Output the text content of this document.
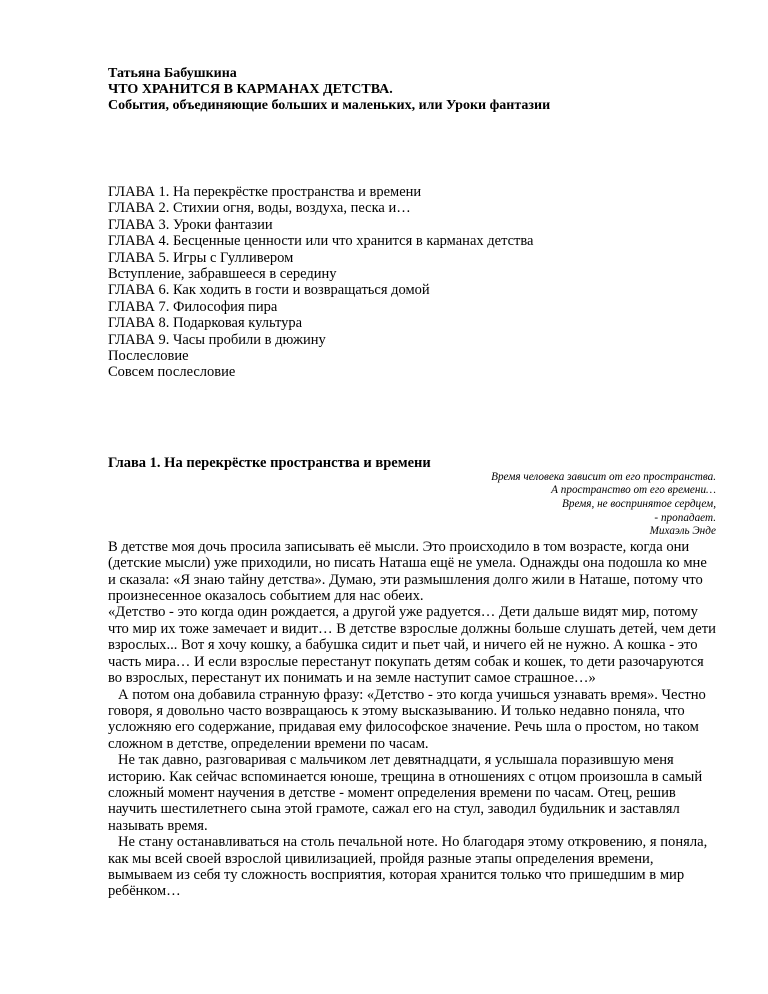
Татьяна Бабушкина

ЧТО ХРАНИТСЯ В КАРМАНАХ ДЕТСТВА.

События, объединяющие больших и маленьких, или Уроки фантазии

ГЛАВА 1. На перекрёстке пространства и времени
ГЛАВА 2. Стихии огня, воды, воздуха, песка и…
ГЛАВА 3. Уроки фантазии
ГЛАВА 4. Бесценные ценности или что хранится в карманах детства
ГЛАВА 5. Игры с Гулливером
Вступление, забравшееся в середину
ГЛАВА 6. Как ходить в гости и возвращаться домой
ГЛАВА 7. Философия пира
ГЛАВА 8. Подарковая культура
ГЛАВА 9. Часы пробили в дюжину
Послесловие
Совсем послесловие
Глава 1. На перекрёстке пространства и времени
Время человека зависит от его пространства.
А пространство от его времени…
Время, не воспринятое сердцем,
- пропадает.
Михаэль Энде

В детстве моя дочь просила записывать её мысли. Это происходило в том возрасте, когда они (детские мысли) уже приходили, но писать Наташа ещё не умела. Однажды она подошла ко мне и сказала: «Я знаю тайну детства». Думаю, эти размышления долго жили в Наташе, потому что произнесенное оказалось событием для нас обеих.

«Детство - это когда один рождается, а другой уже радуется… Дети дальше видят мир, потому что мир их тоже замечает и видит… В детстве взрослые должны больше слушать детей, чем дети взрослых... Вот я хочу кошку, а бабушка сидит и пьет чай, и ничего ей не нужно. А кошка - это часть мира… И если взрослые перестанут покупать детям собак и кошек, то дети разочаруются во взрослых, перестанут их понимать и на земле наступит самое страшное…»

А потом она добавила странную фразу: «Детство - это когда учишься узнавать время». Честно говоря, я довольно часто возвращаюсь к этому высказыванию. И только недавно поняла, что усложняю его содержание, придавая ему философское значение. Речь шла о простом, но таком сложном в детстве, определении времени по часам.

Не так давно, разговаривая с мальчиком лет девятнадцати, я услышала поразившую меня историю. Как сейчас вспоминается юноше, трещина в отношениях с отцом произошла в самый сложный момент научения в детстве - момент определения времени по часам. Отец, решив научить шестилетнего сына этой грамоте, сажал его на стул, заводил будильник и заставлял называть время.

Не стану останавливаться на столь печальной ноте. Но благодаря этому откровению, я поняла, как мы всей своей взрослой цивилизацией, пройдя разные этапы определения времени, вымываем из себя ту сложность восприятия, которая хранится только что пришедшим в мир ребёнком…
